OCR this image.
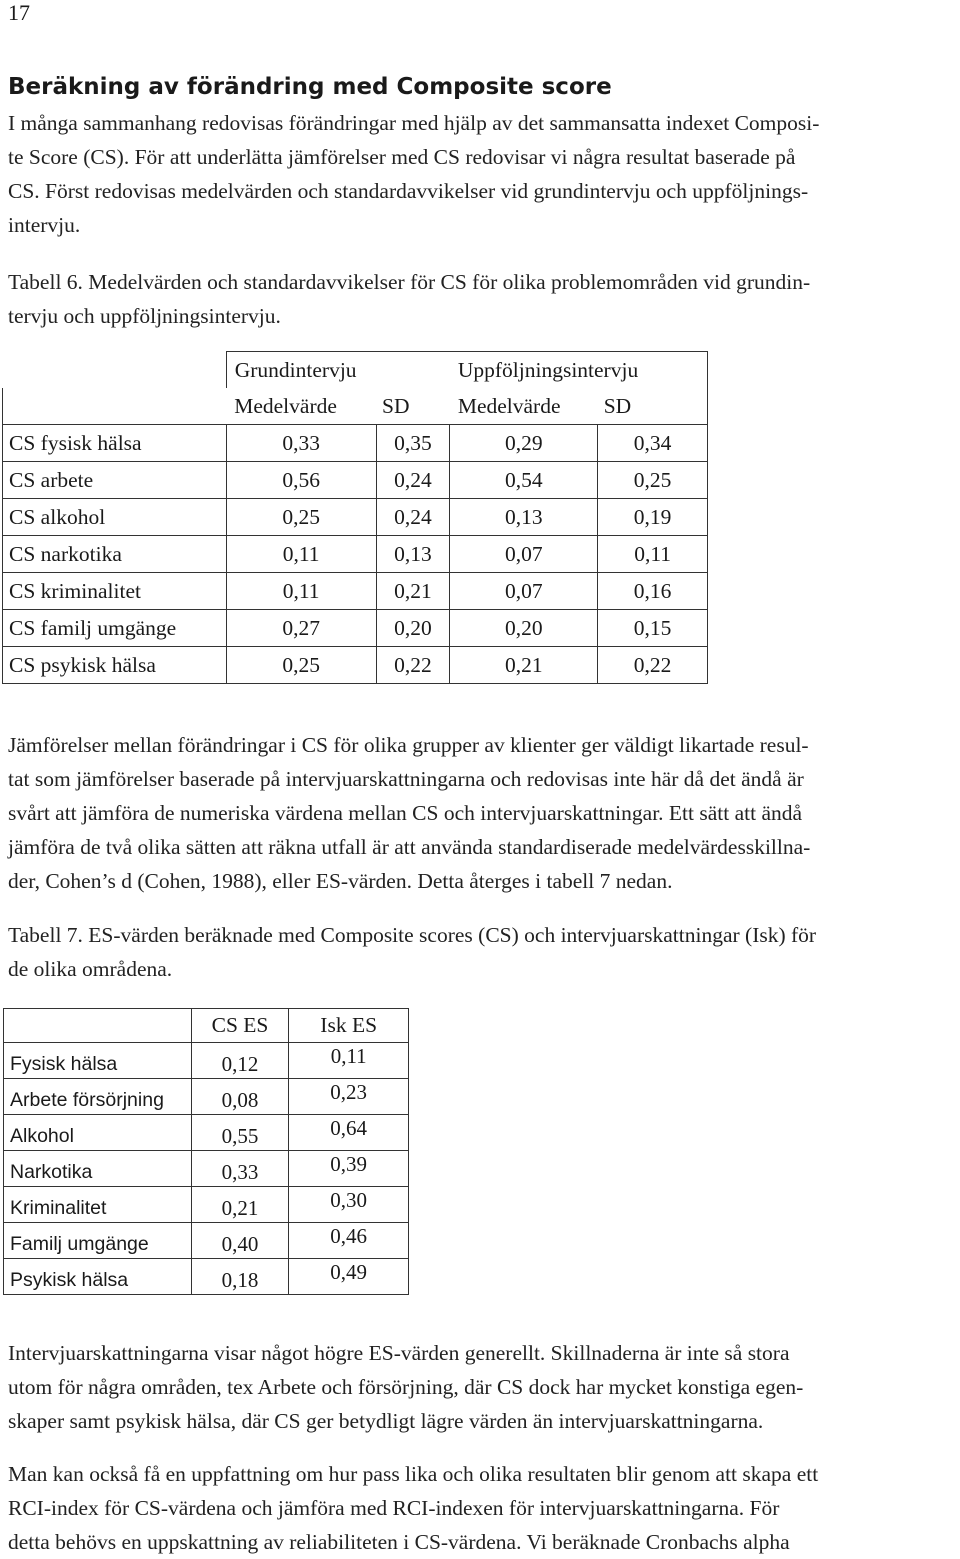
17
Beräkning av förändring med Composite score
I många sammanhang redovisas förändringar med hjälp av det sammansatta indexet Composi-
te Score (CS). För att underlätta jämförelser med CS redovisar vi några resultat baserade på
CS. Först redovisas medelvärden och standardavvikelser vid grundintervju och uppföljnings-
intervju.
Tabell 6. Medelvärden och standardavvikelser för CS för olika problemområden vid grundin-
tervju och uppföljningsintervju.
	Grundintervju		Uppföljningsintervju	
	Medelvärde	SD	Medelvärde	SD
CS fysisk hälsa	0,33	0,35	0,29	0,34
CS arbete	0,56	0,24	0,54	0,25
CS alkohol	0,25	0,24	0,13	0,19
CS narkotika	0,11	0,13	0,07	0,11
CS kriminalitet	0,11	0,21	0,07	0,16
CS familj umgänge	0,27	0,20	0,20	0,15
CS psykisk hälsa	0,25	0,22	0,21	0,22
Jämförelser mellan förändringar i CS för olika grupper av klienter ger väldigt likartade resul-
tat som jämförelser baserade på intervjuarskattningarna och redovisas inte här då det ändå är
svårt att jämföra de numeriska värdena mellan CS och intervjuarskattningar. Ett sätt att ändå
jämföra de två olika sätten att räkna utfall är att använda standardiserade medelvärdesskillna-
der, Cohen’s d (Cohen, 1988), eller ES-värden. Detta återges i tabell 7 nedan.
Tabell 7. ES-värden beräknade med Composite scores (CS) och intervjuarskattningar (Isk) för
de olika områdena.
	CS ES	Isk ES
Fysisk hälsa	0,12	0,11
Arbete försörjning	0,08	0,23
Alkohol	0,55	0,64
Narkotika	0,33	0,39
Kriminalitet	0,21	0,30
Familj umgänge	0,40	0,46
Psykisk hälsa	0,18	0,49
Intervjuarskattningarna visar något högre ES-värden generellt. Skillnaderna är inte så stora
utom för några områden, tex Arbete och försörjning, där CS dock har mycket konstiga egen-
skaper samt psykisk hälsa, där CS ger betydligt lägre värden än intervjuarskattningarna.
Man kan också få en uppfattning om hur pass lika och olika resultaten blir genom att skapa ett
RCI-index för CS-värdena och jämföra med RCI-indexen för intervjuarskattningarna. För
detta behövs en uppskattning av reliabiliteten i CS-värdena. Vi beräknade Cronbachs alpha
